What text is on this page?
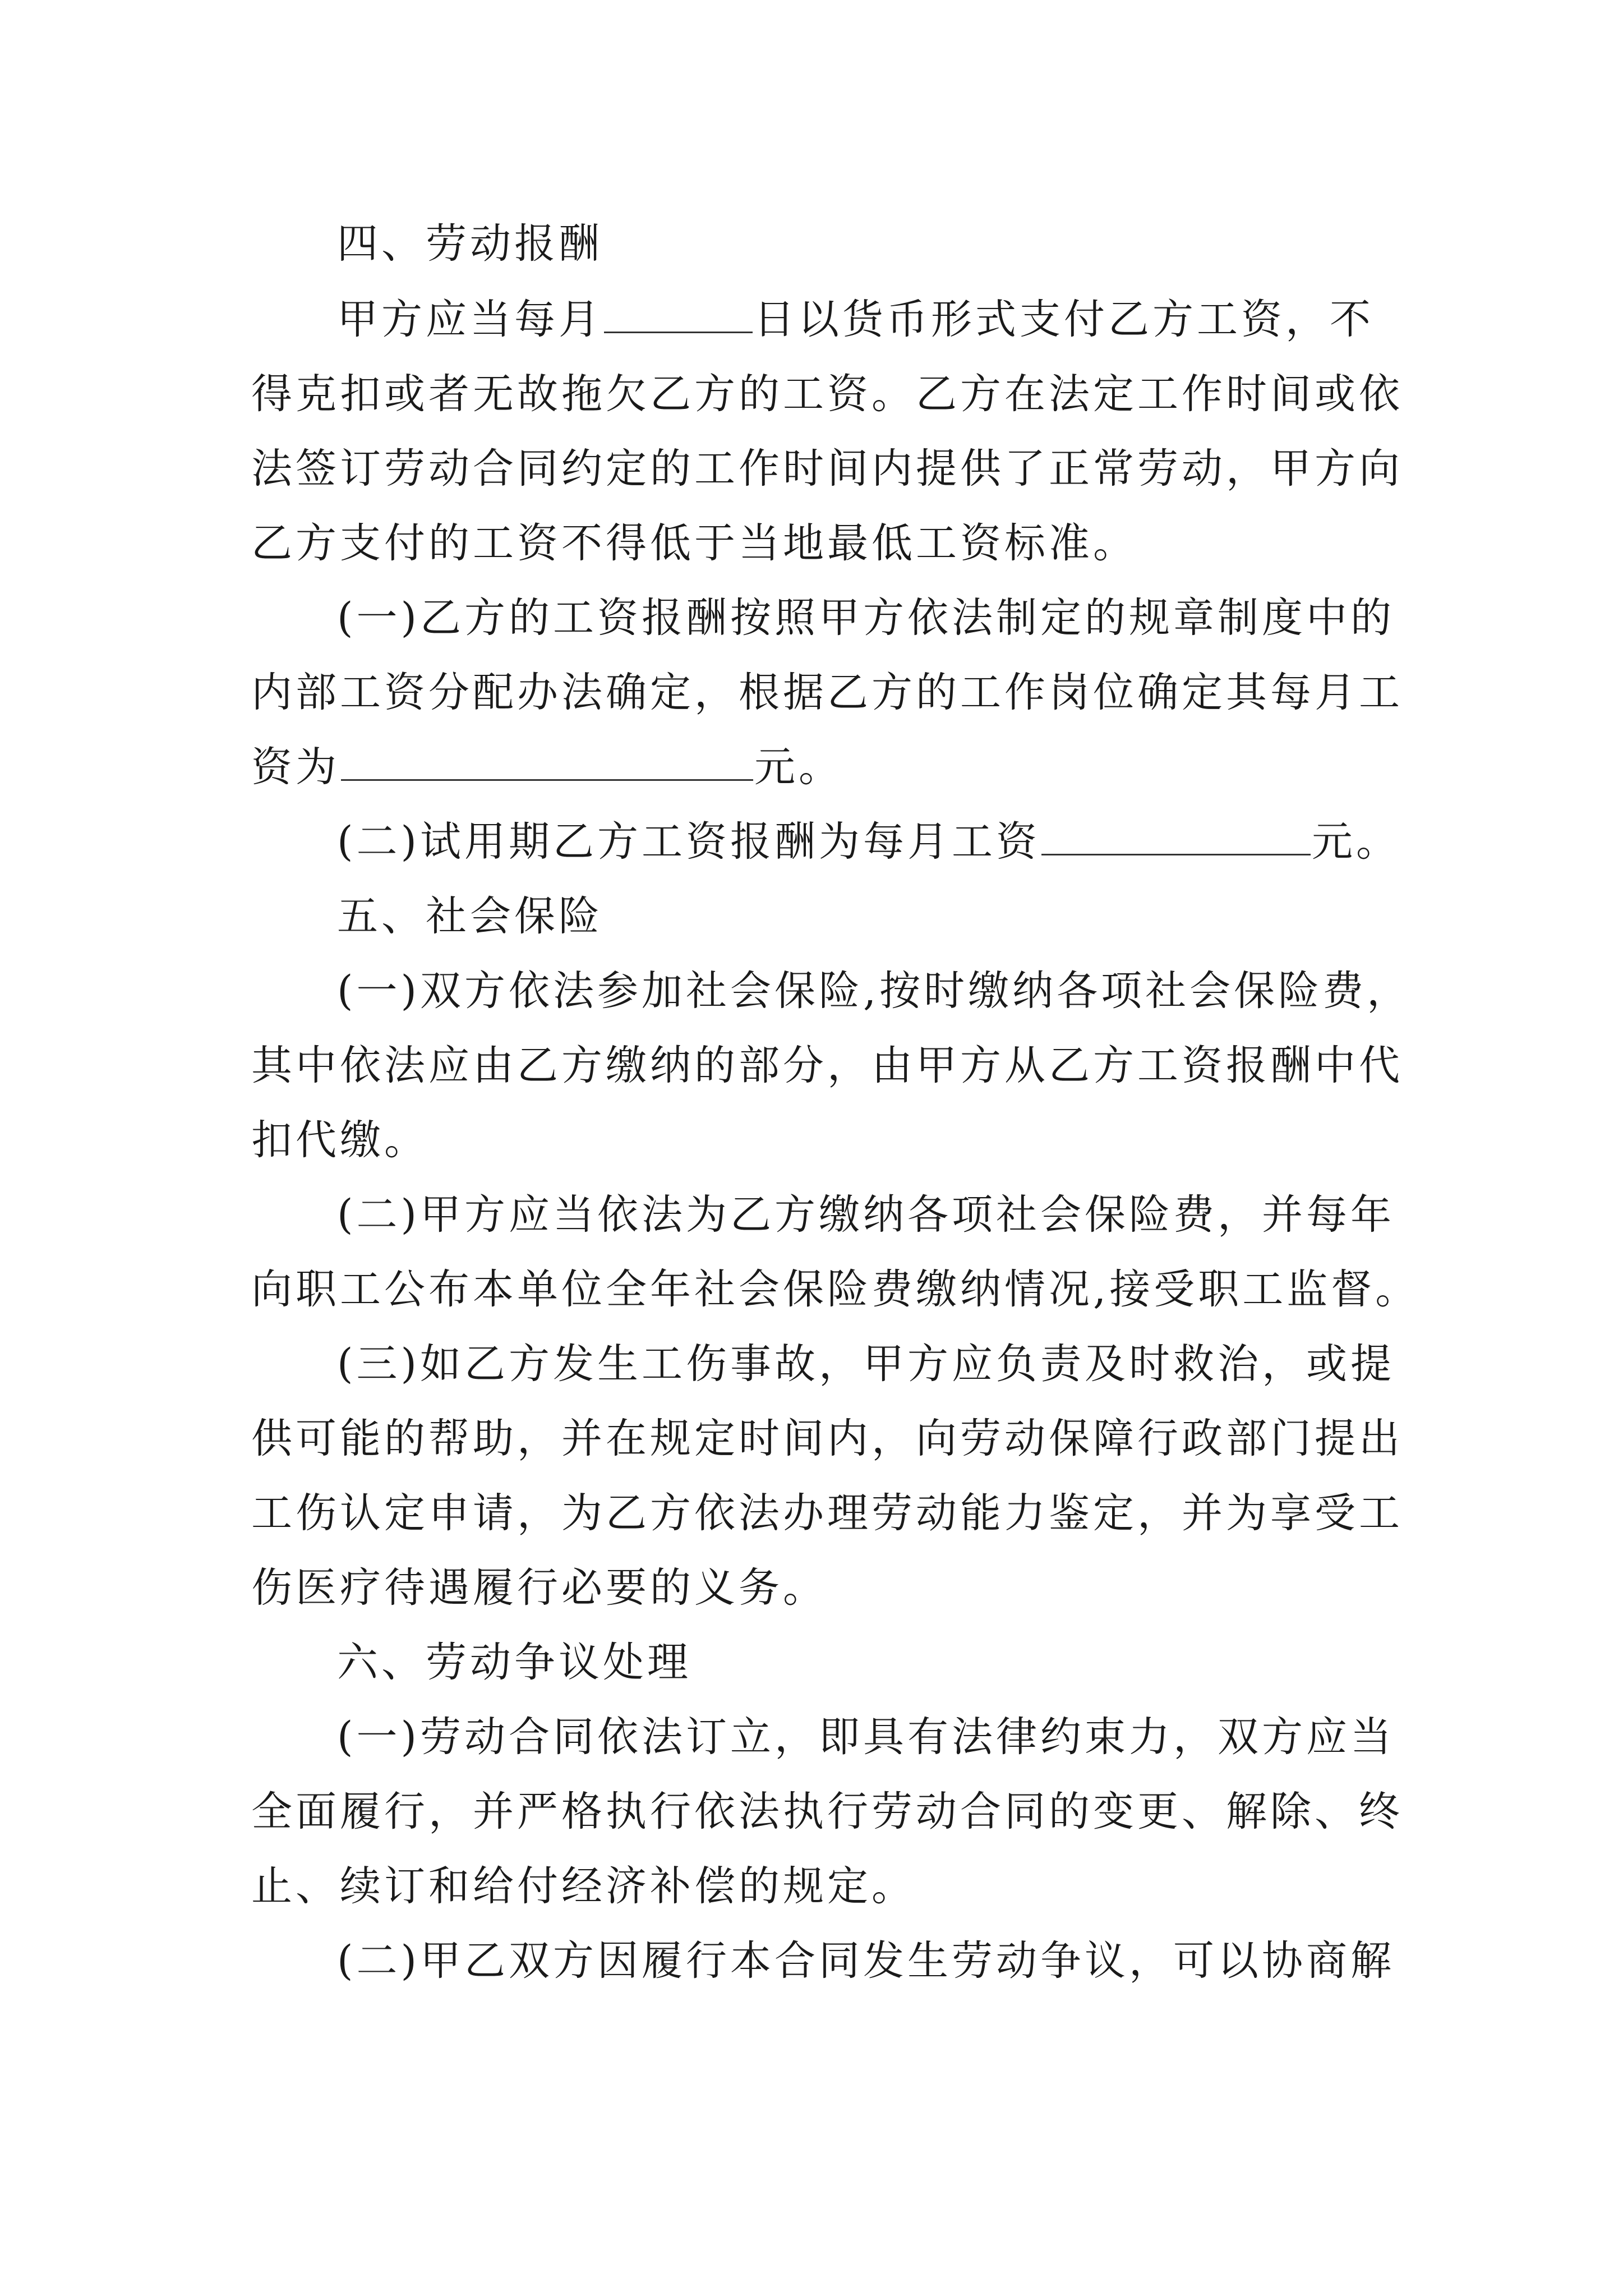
四、劳动报酬
甲方应当每月	日以货币形式支付乙方工资，不
得克扣或者无故拖欠乙方的工资。乙方在法定工作时间或依
法签订劳动合同约定的工作时间内提供了正常劳动，甲方向
乙方支付的工资不得低于当地最低工资标准。
(一)乙方的工资报酬按照甲方依法制定的规章制度中的
内部工资分配办法确定，根据乙方的工作岗位确定其每月工
资为	元。
(二)试用期乙方工资报酬为每月工资	元。
五、社会保险
(一)双方依法参加社会保险,按时缴纳各项社会保险费，
其中依法应由乙方缴纳的部分，由甲方从乙方工资报酬中代
扣代缴。
(二)甲方应当依法为乙方缴纳各项社会保险费，并每年
向职工公布本单位全年社会保险费缴纳情况,接受职工监督。
(三)如乙方发生工伤事故，甲方应负责及时救治，或提
供可能的帮助，并在规定时间内，向劳动保障行政部门提出
工伤认定申请，为乙方依法办理劳动能力鉴定，并为享受工
伤医疗待遇履行必要的义务。
六、劳动争议处理
(一)劳动合同依法订立，即具有法律约束力，双方应当
全面履行，并严格执行依法执行劳动合同的变更、解除、终
止、续订和给付经济补偿的规定。
(二)甲乙双方因履行本合同发生劳动争议，可以协商解
